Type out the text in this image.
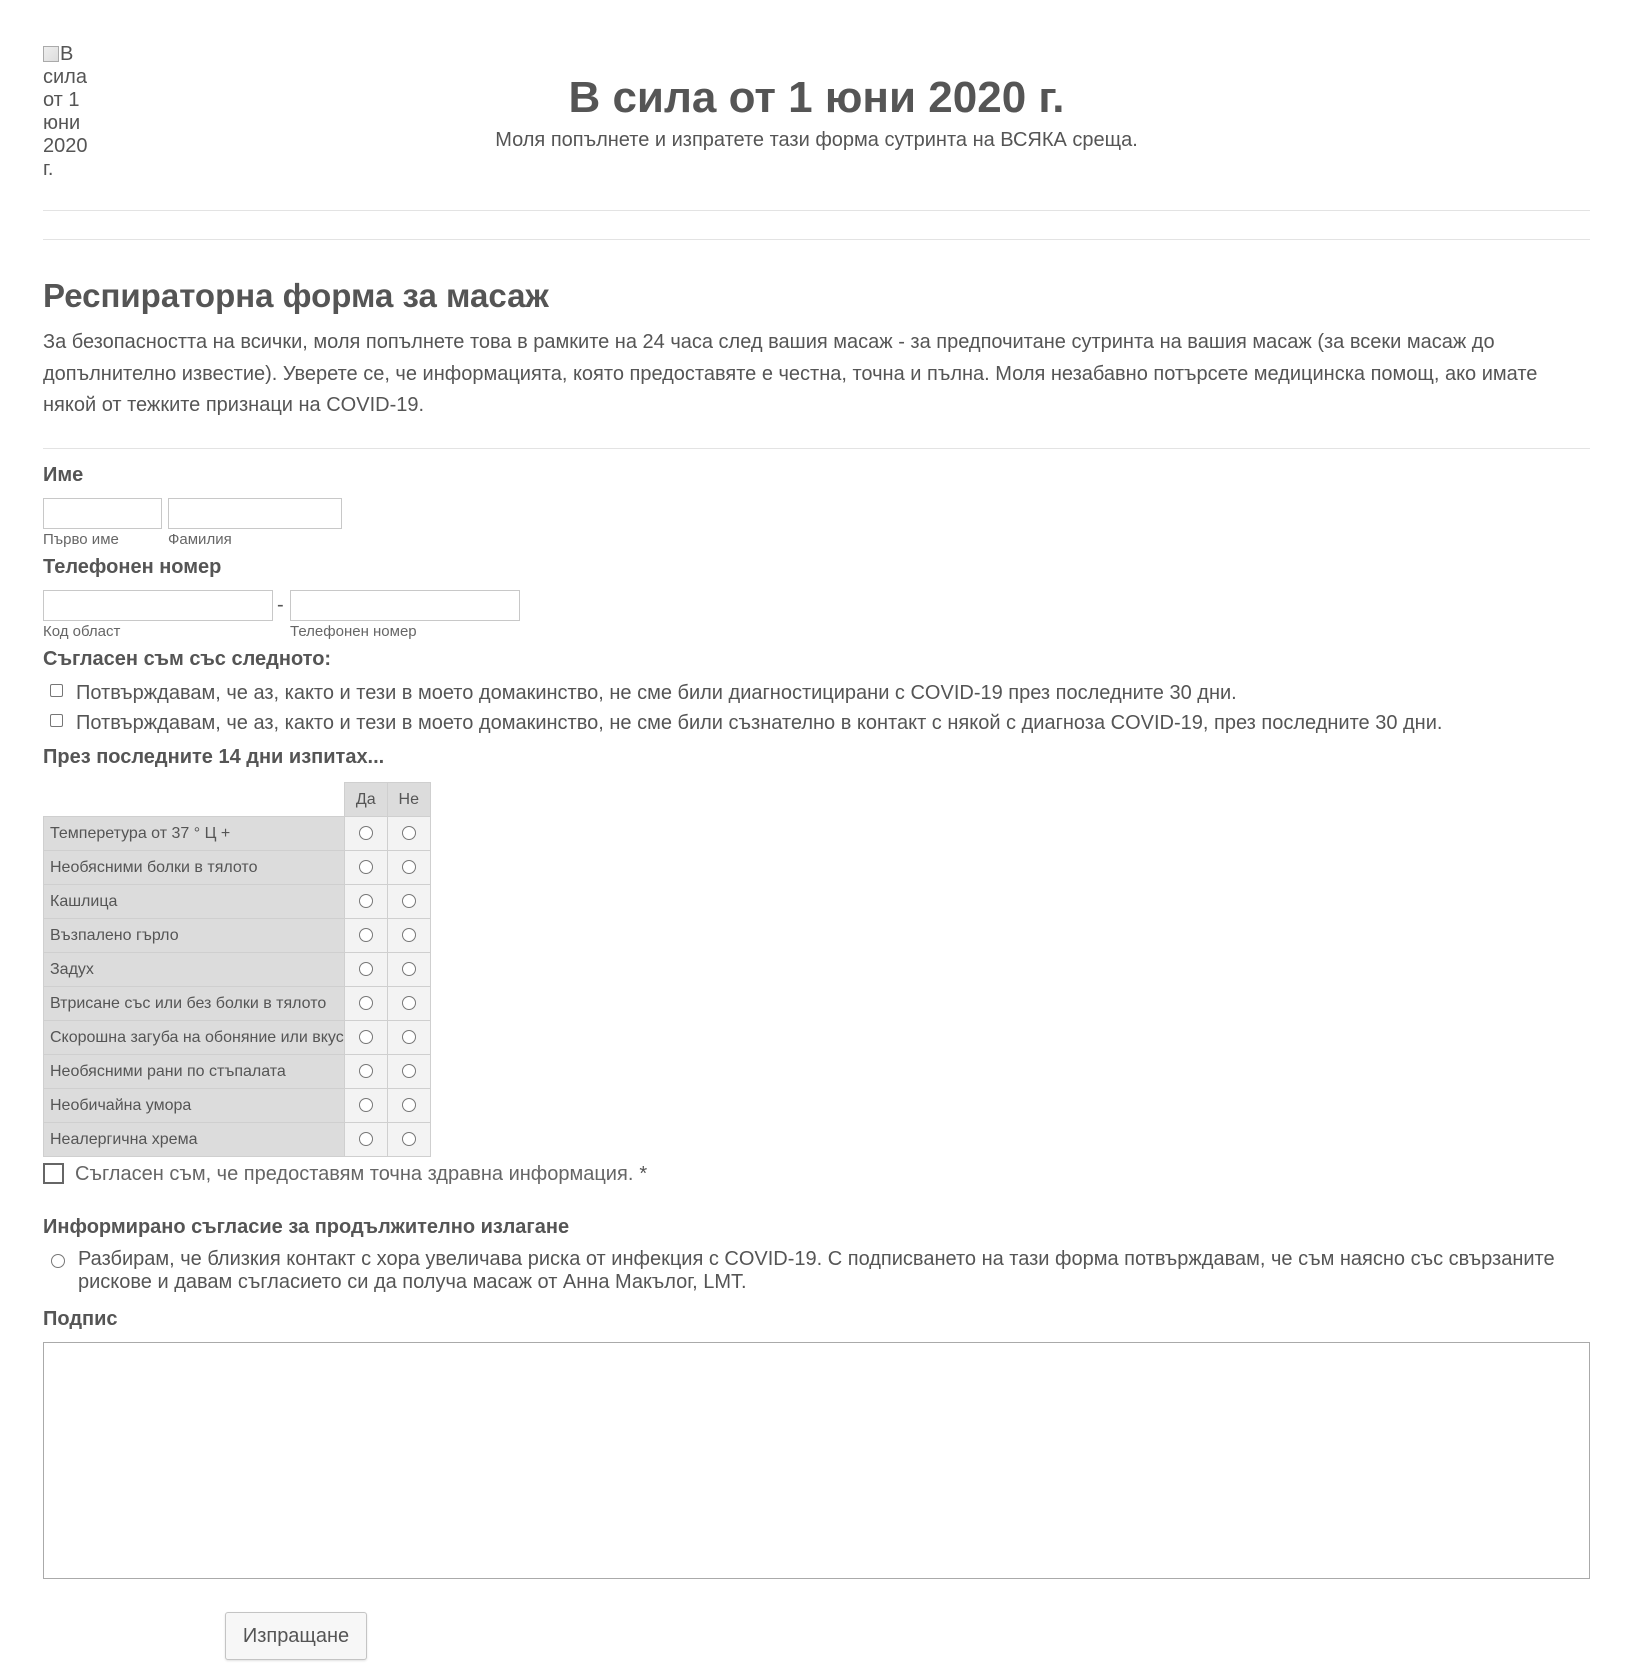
В сила от 1 юни 2020 г.
В сила от 1 юни 2020 г.
Моля попълнете и изпратете тази форма сутринта на ВСЯКА среща.
Респираторна форма за масаж
За безопасността на всички, моля попълнете това в рамките на 24 часа след вашия масаж - за предпочитане сутринта на вашия масаж (за всеки масаж до допълнително известие). Уверете се, че информацията, която предоставяте е честна, точна и пълна. Моля незабавно потърсете медицинска помощ, ако имате някой от тежките признаци на COVID-19.
Име
Първо име	Фамилия
Телефонен номер
-
Код област	Телефонен номер
Съгласен съм със следното:
Потвърждавам, че аз, както и тези в моето домакинство, не сме били диагностицирани с COVID-19 през последните 30 дни.
Потвърждавам, че аз, както и тези в моето домакинство, не сме били съзнателно в контакт с някой с диагноза COVID-19, през последните 30 дни.
През последните 14 дни изпитах...
	Да	Не
Темперетура от 37 ° Ц +		
Необясними болки в тялото		
Кашлица		
Възпалено гърло		
Задух		
Втрисане със или без болки в тялото		
Скорошна загуба на обоняние или вкус		
Необясними рани по стъпалата		
Необичайна умора		
Неалергична хрема		
Съгласен съм, че предоставям точна здравна информация. *
Информирано съгласие за продължително излагане
Разбирам, че близкия контакт с хора увеличава риска от инфекция с COVID-19. С подписването на тази форма потвърждавам, че съм наясно със свързаните рискове и давам съгласието си да получа масаж от Анна Макълог, LMT.
Подпис
Изпращане
